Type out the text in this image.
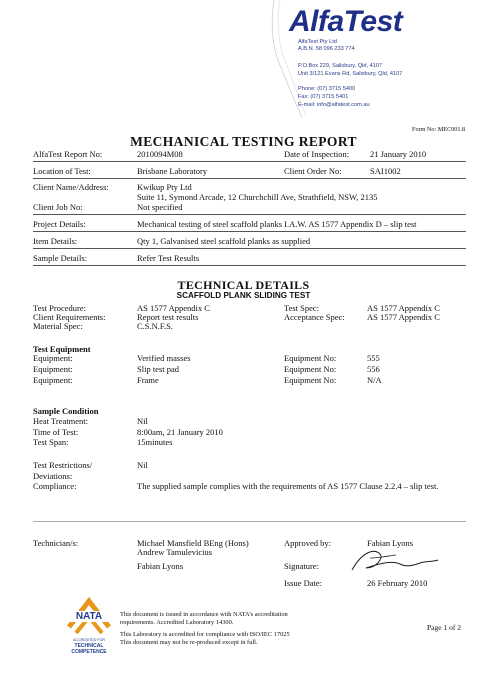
AlfaTest
AlfaTest Pty Ltd
A.B.N. 58 096 233 774
P.O.Box 229, Salisbury, Qld, 4107
Unit 3/121 Evans Rd, Salisbury, Qld, 4107
Phone: (07) 3715 5400
Fax: (07) 3715 5401
E-mail: info@alfatest.com.au
Form No: MEC001.8
MECHANICAL TESTING REPORT
AlfaTest Report No:	2010094M08	Date of Inspection: 21 January 2010
Location of Test:	Brisbane Laboratory	Client Order No:	SAI1002
Client Name/Address:	Kwikup Pty Ltd
Suite 11, Symond Arcade, 12 Churchchill Ave, Strathfield, NSW, 2135
Client Job No:	Not specified
Project Details:	Mechanical testing of steel scaffold planks I.A.W. AS 1577 Appendix D – slip test
Item Details:	Qty 1, Galvanised steel scaffold planks as supplied
Sample Details:	Refer Test Results
TECHNICAL DETAILS
SCAFFOLD PLANK SLIDING TEST
Test Procedure:	AS 1577 Appendix C	Test Spec:	AS 1577 Appendix C
Client Requirements:	Report test results	Acceptance Spec:	AS 1577 Appendix C
Material Spec:	C.S.N.F.S.
Test Equipment
Equipment:	Verified masses	Equipment No:	555
Equipment:	Slip test pad	Equipment No:	556
Equipment:	Frame	Equipment No:	N/A
Sample Condition
Heat Treatment:	Nil
Time of Test:	8:00am, 21 January 2010
Test Span:	15minutes
Test Restrictions/	Nil
Deviations:
Compliance:	The supplied sample complies with the requirements of AS 1577 Clause 2.2.4 – slip test.
Technician/s:	Michael Mansfield BEng (Hons)
Andrew Tamulevicius
Fabian Lyons
Approved by:	Fabian Lyons
Signature:
Issue Date:	26 February 2010
NATA
ACCREDITED FOR
TECHNICAL
COMPETENCE
This document is issued in accordance with NATA’s accreditation
requirements. Accredited Laboratory 14300.
This Laboratory is accredited for compliance with ISO/IEC 17025
This document may not be re-produced except in full.
Page 1 of 2
